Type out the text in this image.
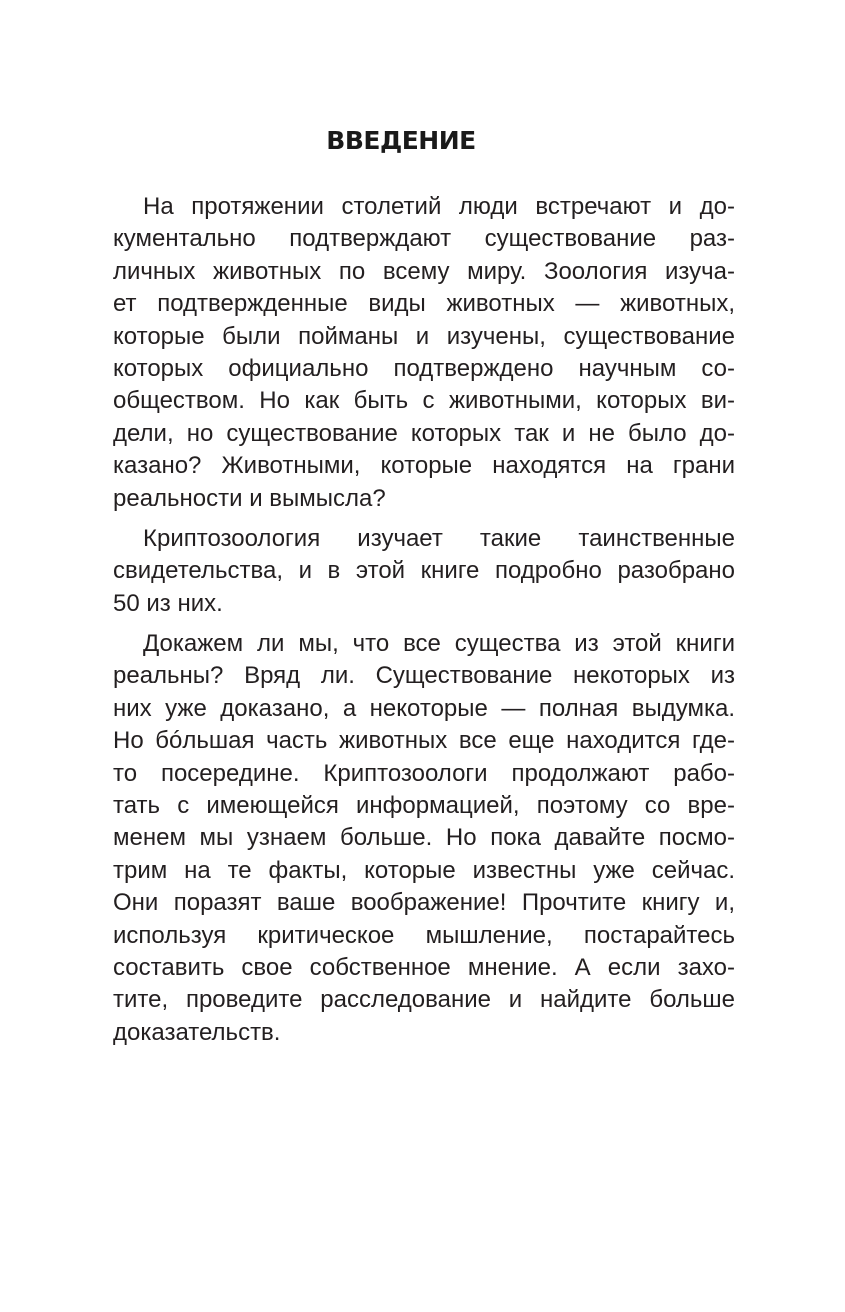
ВВЕДЕНИЕ
На протяжении столетий люди встречают и до-
кументально подтверждают существование раз-
личных животных по всему миру. Зоология изуча-
ет подтвержденные виды животных — животных,
которые были пойманы и изучены, существование
которых официально подтверждено научным со-
обществом. Но как быть с животными, которых ви-
дели, но существование которых так и не было до-
казано? Животными, которые находятся на грани
реальности и вымысла?
Криптозоология изучает такие таинственные
свидетельства, и в этой книге подробно разобрано
50 из них.
Докажем ли мы, что все существа из этой книги
реальны? Вряд ли. Существование некоторых из
них уже доказано, а некоторые — полная выдумка.
Но бóльшая часть животных все еще находится где-
то посередине. Криптозоологи продолжают рабо-
тать с имеющейся информацией, поэтому со вре-
менем мы узнаем больше. Но пока давайте посмо-
трим на те факты, которые известны уже сейчас.
Они поразят ваше воображение! Прочтите книгу и,
используя критическое мышление, постарайтесь
составить свое собственное мнение. А если захо-
тите, проведите расследование и найдите больше
доказательств.
